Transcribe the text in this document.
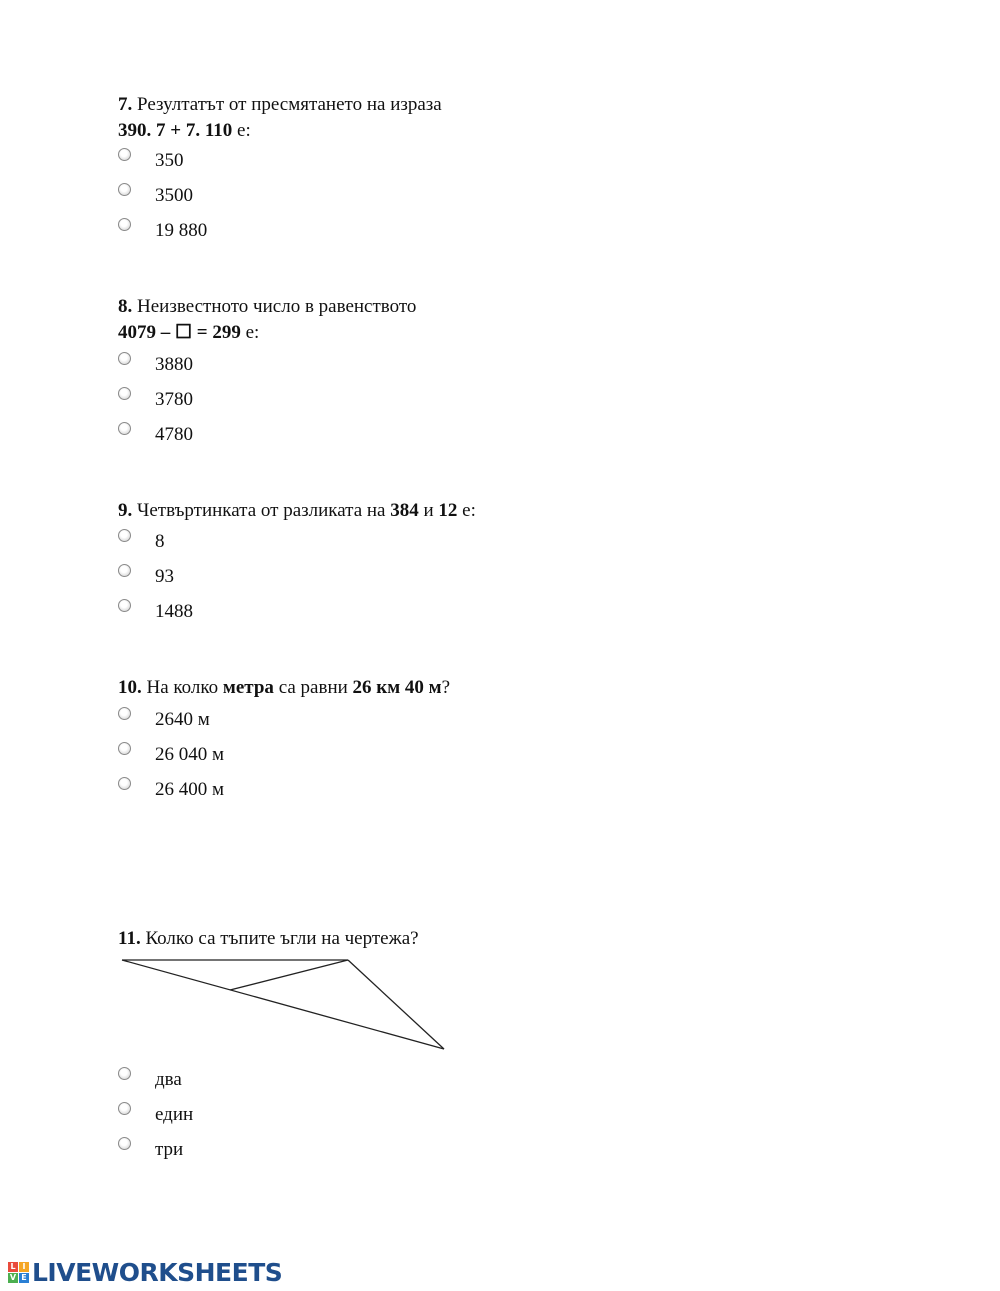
7. Резултатът от пресмятането на израза
390. 7 + 7. 110 е:
350
3500
19 880
8. Неизвестното число в равенството
4079 – ☐ = 299 е:
3880
3780
4780
9. Четвъртинката от разликата на 384 и 12 е:
8
93
1488
10. На колко метра са равни 26 км 40 м?
2640 м
26 040 м
26 400 м
11. Колко са тъпите ъгли на чертежа?
два
един
три
L I
V E LIVEWORKSHEETS
